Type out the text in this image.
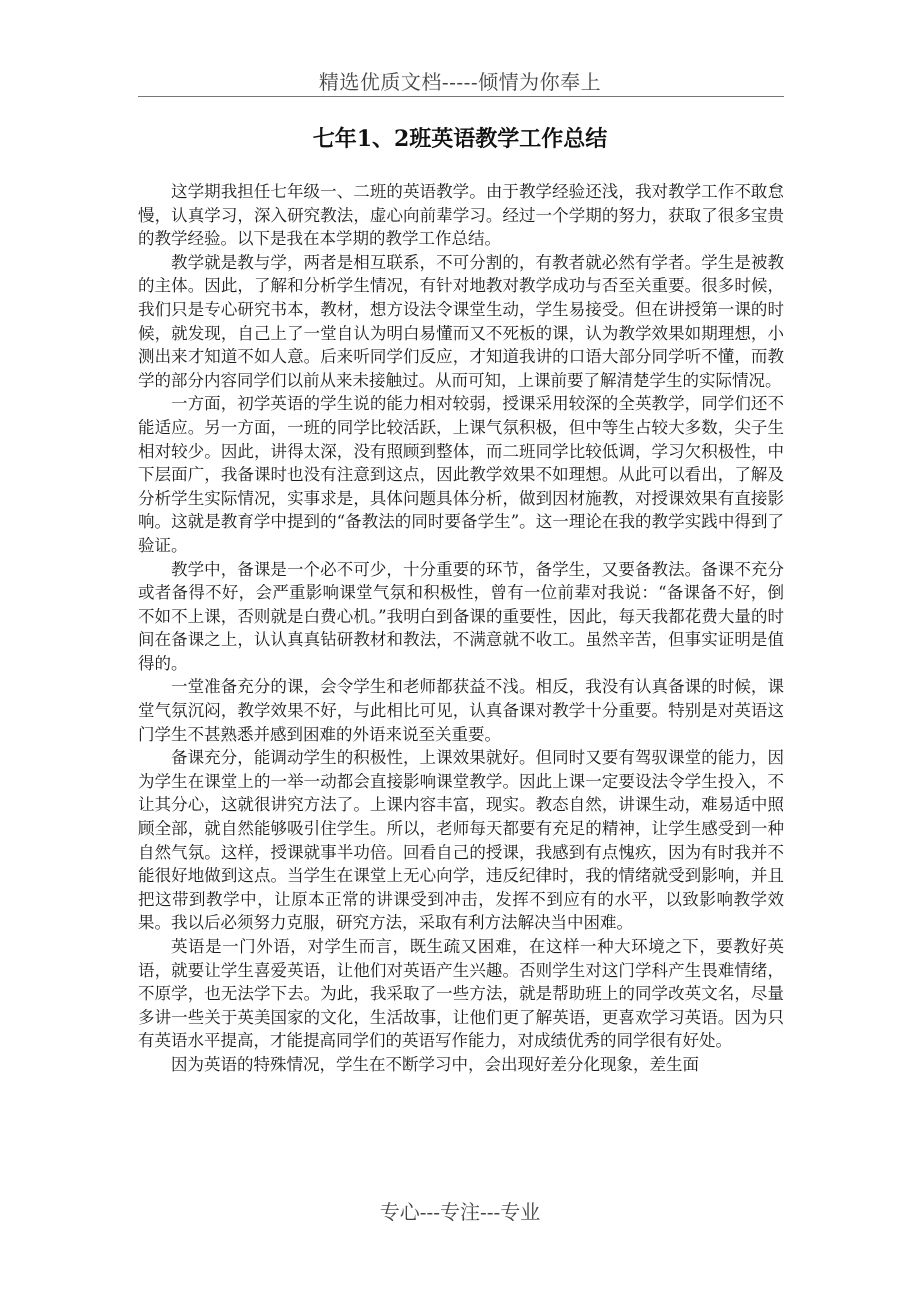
精选优质文档-----倾情为你奉上
七年1、2班英语教学工作总结

这学期我担任七年级一、二班的英语教学。由于教学经验还浅，我对教学工作不敢怠慢，认真学习，深入研究教法，虚心向前辈学习。经过一个学期的努力，获取了很多宝贵的教学经验。以下是我在本学期的教学工作总结。

教学就是教与学，两者是相互联系，不可分割的，有教者就必然有学者。学生是被教的主体。因此，了解和分析学生情况，有针对地教对教学成功与否至关重要。很多时候，我们只是专心研究书本，教材，想方设法令课堂生动，学生易接受。但在讲授第一课的时候，就发现，自己上了一堂自认为明白易懂而又不死板的课，认为教学效果如期理想，小测出来才知道不如人意。后来听同学们反应，才知道我讲的口语大部分同学听不懂，而教学的部分内容同学们以前从来未接触过。从而可知，上课前要了解清楚学生的实际情况。

一方面，初学英语的学生说的能力相对较弱，授课采用较深的全英教学，同学们还不能适应。另一方面，一班的同学比较活跃，上课气氛积极，但中等生占较大多数，尖子生相对较少。因此，讲得太深，没有照顾到整体，而二班同学比较低调，学习欠积极性，中下层面广，我备课时也没有注意到这点，因此教学效果不如理想。从此可以看出，了解及分析学生实际情况，实事求是，具体问题具体分析，做到因材施教，对授课效果有直接影响。这就是教育学中提到的“备教法的同时要备学生”。这一理论在我的教学实践中得到了验证。

教学中，备课是一个必不可少，十分重要的环节，备学生，又要备教法。备课不充分或者备得不好，会严重影响课堂气氛和积极性，曾有一位前辈对我说：“备课备不好，倒不如不上课，否则就是白费心机。”我明白到备课的重要性，因此，每天我都花费大量的时间在备课之上，认认真真钻研教材和教法，不满意就不收工。虽然辛苦，但事实证明是值得的。

一堂准备充分的课，会令学生和老师都获益不浅。相反，我没有认真备课的时候，课堂气氛沉闷，教学效果不好，与此相比可见，认真备课对教学十分重要。特别是对英语这门学生不甚熟悉并感到困难的外语来说至关重要。

备课充分，能调动学生的积极性，上课效果就好。但同时又要有驾驭课堂的能力，因为学生在课堂上的一举一动都会直接影响课堂教学。因此上课一定要设法令学生投入，不让其分心，这就很讲究方法了。上课内容丰富，现实。教态自然，讲课生动，难易适中照顾全部，就自然能够吸引住学生。所以，老师每天都要有充足的精神，让学生感受到一种自然气氛。这样，授课就事半功倍。回看自己的授课，我感到有点愧疚，因为有时我并不能很好地做到这点。当学生在课堂上无心向学，违反纪律时，我的情绪就受到影响，并且把这带到教学中，让原本正常的讲课受到冲击，发挥不到应有的水平，以致影响教学效果。我以后必须努力克服，研究方法，采取有利方法解决当中困难。

英语是一门外语，对学生而言，既生疏又困难，在这样一种大环境之下，要教好英语，就要让学生喜爱英语，让他们对英语产生兴趣。否则学生对这门学科产生畏难情绪，不原学，也无法学下去。为此，我采取了一些方法，就是帮助班上的同学改英文名，尽量多讲一些关于英美国家的文化，生活故事，让他们更了解英语，更喜欢学习英语。因为只有英语水平提高，才能提高同学们的英语写作能力，对成绩优秀的同学很有好处。

因为英语的特殊情况，学生在不断学习中，会出现好差分化现象，差生面

专心---专注---专业
